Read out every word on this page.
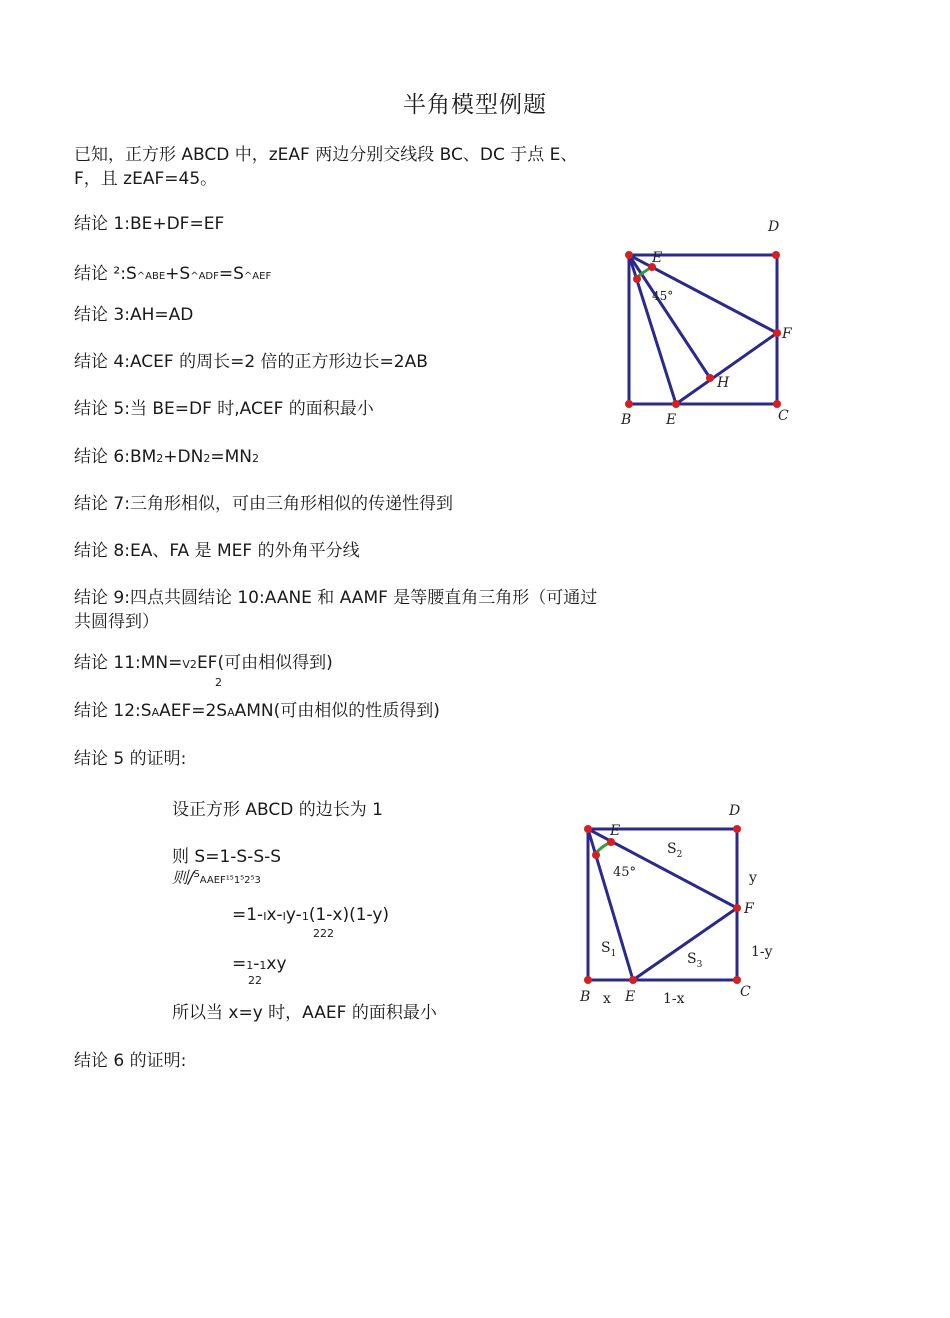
半角模型例题
已知，正方形 ABCD 中，zEAF 两边分别交线段 BC、DC 于点 E、
F，且 zEAF=45。
结论 1:BE+DF=EF
结论 ²:S^ABE+S^ADF=S^AEF
结论 3:AH=AD
结论 4:ACEF 的周长=2 倍的正方形边长=2AB
结论 5:当 BE=DF 时,ACEF 的面积最小
结论 6:BM2+DN2=MN2
结论 7:三角形相似，可由三角形相似的传递性得到
结论 8:EA、FA 是 MEF 的外角平分线
结论 9:四点共圆结论 10:AANE 和 AAMF 是等腰直角三角形（可通过
共圆得到）
结论 11:MN=V2EF(可由相似得到)
2
结论 12:SAAEF=2SAAMN(可由相似的性质得到)
结论 5 的证明:
设正方形 ABCD 的边长为 1
则 S=1-S-S-S
则/$^S$AAEF¹⁵1⁵2⁵3
=1-Ix-Iy-1(1-x)(1-y)
222
=1-1xy
22
所以当 x=y 时，AAEF 的面积最小
结论 6 的证明:
D
E
F
H
B E	C
45°
D
E
$S_2$
45°	y
F
$S_1$	1-y
$S_3$
B x E 1-x	C
